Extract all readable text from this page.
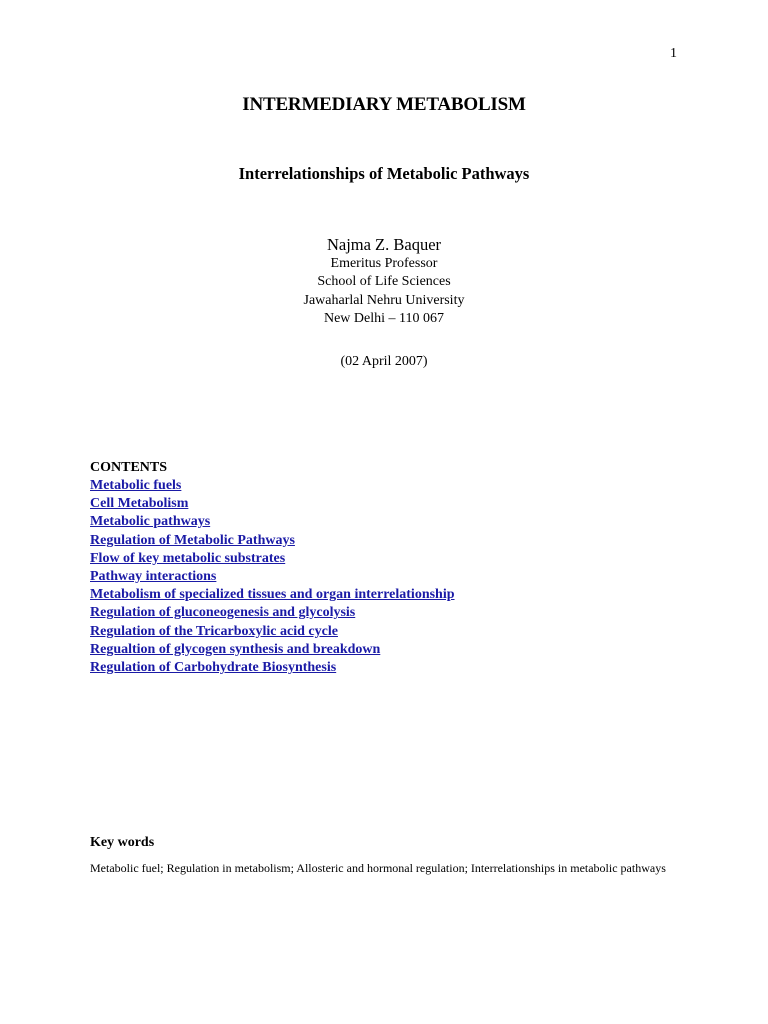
1
INTERMEDIARY METABOLISM
Interrelationships of Metabolic Pathways
Najma Z. Baquer
Emeritus Professor
School of Life Sciences
Jawaharlal Nehru University
New Delhi – 110 067
(02 April 2007)
CONTENTS
Metabolic fuels
Cell Metabolism
Metabolic pathways
Regulation of Metabolic Pathways
Flow of key metabolic substrates
Pathway interactions
Metabolism of specialized tissues and organ interrelationship
Regulation of gluconeogenesis and glycolysis
Regulation of the Tricarboxylic acid cycle
Regualtion of glycogen synthesis and breakdown
Regulation of Carbohydrate Biosynthesis
Key words
Metabolic fuel; Regulation in metabolism; Allosteric and hormonal regulation; Interrelationships in metabolic pathways
